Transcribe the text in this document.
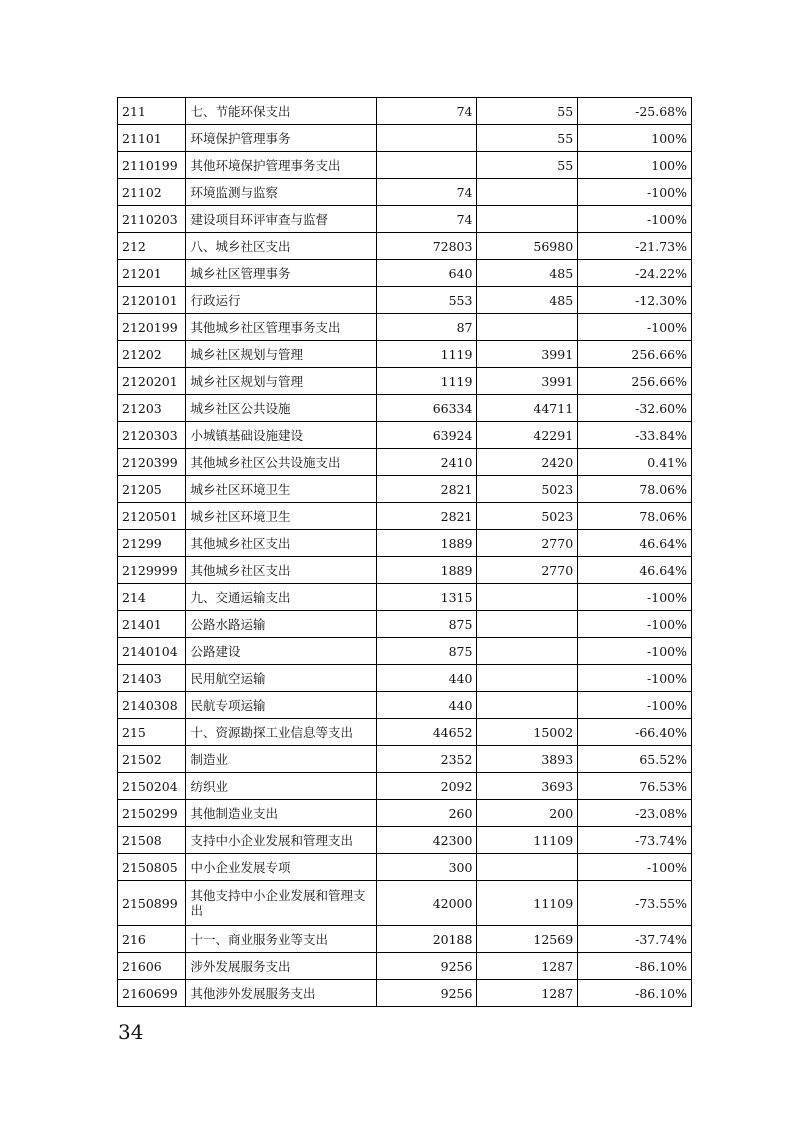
211	七、节能环保支出	74	55	-25.68%
21101	环境保护管理事务		55	100%
2110199	其他环境保护管理事务支出		55	100%
21102	环境监测与监察	74		-100%
2110203	建设项目环评审查与监督	74		-100%
212	八、城乡社区支出	72803	56980	-21.73%
21201	城乡社区管理事务	640	485	-24.22%
2120101	行政运行	553	485	-12.30%
2120199	其他城乡社区管理事务支出	87		-100%
21202	城乡社区规划与管理	1119	3991	256.66%
2120201	城乡社区规划与管理	1119	3991	256.66%
21203	城乡社区公共设施	66334	44711	-32.60%
2120303	小城镇基础设施建设	63924	42291	-33.84%
2120399	其他城乡社区公共设施支出	2410	2420	0.41%
21205	城乡社区环境卫生	2821	5023	78.06%
2120501	城乡社区环境卫生	2821	5023	78.06%
21299	其他城乡社区支出	1889	2770	46.64%
2129999	其他城乡社区支出	1889	2770	46.64%
214	九、交通运输支出	1315		-100%
21401	公路水路运输	875		-100%
2140104	公路建设	875		-100%
21403	民用航空运输	440		-100%
2140308	民航专项运输	440		-100%
215	十、资源勘探工业信息等支出	44652	15002	-66.40%
21502	制造业	2352	3893	65.52%
2150204	纺织业	2092	3693	76.53%
2150299	其他制造业支出	260	200	-23.08%
21508	支持中小企业发展和管理支出	42300	11109	-73.74%
2150805	中小企业发展专项	300		-100%
2150899	其他支持中小企业发展和管理支出	42000	11109	-73.55%
216	十一、商业服务业等支出	20188	12569	-37.74%
21606	涉外发展服务支出	9256	1287	-86.10%
2160699	其他涉外发展服务支出	9256	1287	-86.10%
34
